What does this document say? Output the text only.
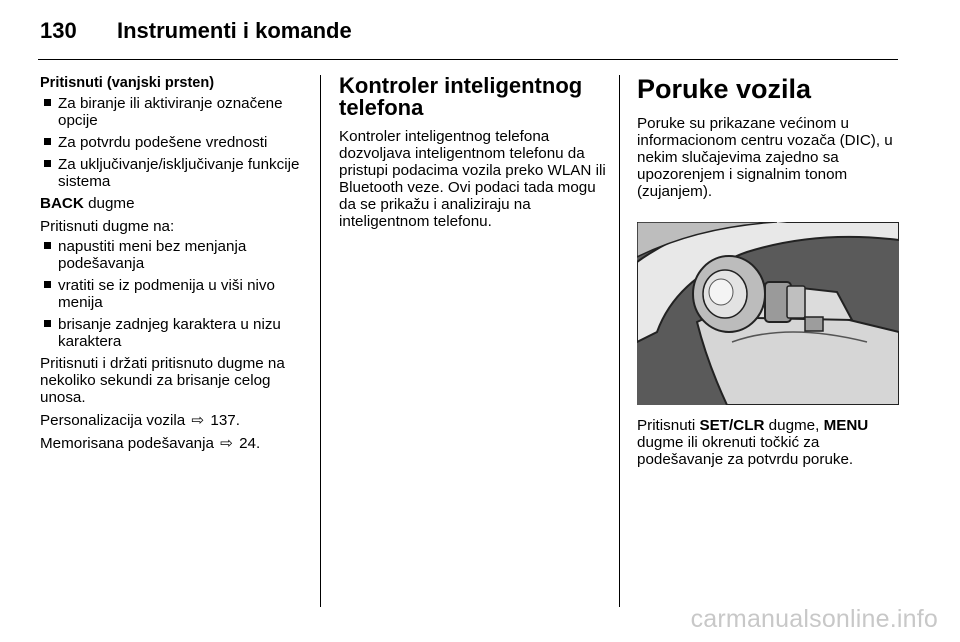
130 Instrumenti i komande
Pritisnuti (vanjski prsten)
Za biranje ili aktiviranje označene opcije
Za potvrdu podešene vrednosti
Za uključivanje/isključivanje funkcije sistema

BACK dugme

Pritisnuti dugme na:

napustiti meni bez menjanja podešavanja
vratiti se iz podmenija u viši nivo menija
brisanje zadnjeg karaktera u nizu karaktera

Pritisnuti i držati pritisnuto dugme na nekoliko sekundi za brisanje celog unosa.

Personalizacija vozila ⇨ 137.

Memorisana podešavanja ⇨ 24.

Kontroler inteligentnog telefona

Kontroler inteligentnog telefona dozvoljava inteligentnom telefonu da pristupi podacima vozila preko WLAN ili Bluetooth veze. Ovi podaci tada mogu da se prikažu i analiziraju na inteligentnom telefonu.

Poruke vozila

Poruke su prikazane većinom u informacionom centru vozača (DIC), u nekim slučajevima zajedno sa upozorenjem i signalnim tonom (zujanjem).

Pritisnuti SET/CLR dugme, MENU dugme ili okrenuti točkić za podešavanje za potvrdu poruke.

carmanualsonline.info
